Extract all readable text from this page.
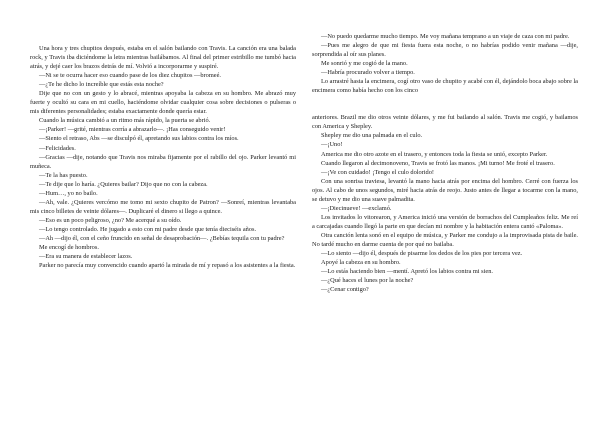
Una hora y tres chupitos después, estaba en el salón bailando con Travis. La canción era una balada rock, y Travis iba diciéndome la letra mientras bailábamos. Al final del primer estribillo me tumbó hacia atrás, y dejé caer los brazos detrás de mí. Volvió a incorporarme y suspiré.

—Ni se te ocurra hacer eso cuando pase de los diez chupitos —bromeé.

—¿Te he dicho lo increíble que estás esta noche?

Dije que no con un gesto y lo abracé, mientras apoyaba la cabeza en su hombro. Me abrazó muy fuerte y ocultó su cara en mi cuello, haciéndome olvidar cualquier cosa sobre decisiones o pulseras o mis diferentes personalidades; estaba exactamente donde quería estar.

Cuando la música cambió a un ritmo más rápido, la puerta se abrió.

—¡Parker! —grité, mientras corría a abrazarlo—. ¡Has conseguido venir!

—Siento el retraso, Abs —se disculpó él, apretando sus labios contra los míos.

—Felicidades.

—Gracias —dije, notando que Travis nos miraba fijamente por el rabillo del ojo. Parker levantó mi muñeca.

—Te la has puesto.

—Te dije que lo haría. ¿Quieres bailar? Dijo que no con la cabeza.

—Hum…, yo no bailo.

—Ah, vale. ¿Quieres vercómo me tomo mi sexto chupito de Patron? —Sonreí, mientras levantaba mis cinco billetes de veinte dólares—. Duplicaré el dinero si llego a quince.

—Eso es un poco peligroso, ¿no? Me acerqué a su oído.

—Lo tengo controlado. He jugado a esto con mi padre desde que tenía dieciséis años.

—Ah —dijo él, con el ceño fruncido en señal de desaprobación—. ¿Bebías tequila con tu padre?

Me encogí de hombros.

—Era su manera de establecer lazos.

Parker no parecía muy convencido cuando apartó la mirada de mí y repasó a los asistentes a la fiesta.

—No puedo quedarme mucho tiempo. Me voy mañana temprano a un viaje de caza con mi padre.

—Pues me alegro de que mi fiesta fuera esta noche, o no habrías podido venir mañana —dije, sorprendida al oír sus planes.

Me sonrió y me cogió de la mano.

—Habría procurado volver a tiempo.

Lo arrastré hasta la encimera, cogí otro vaso de chupito y acabé con él, dejándolo boca abajo sobre la encimera como había hecho con los cinco

anteriores. Brazil me dio otros veinte dólares, y me fui bailando al salón. Travis me cogió, y bailamos con America y Shepley.

Shepley me dio una palmada en el culo.

—¡Uno!

America me dio otro azote en el trasero, y entonces toda la fiesta se unió, excepto Parker.

Cuando llegaron al decimonoveno, Travis se frotó las manos. ¡Mi turno! Me froté el trasero.

—¡Ve con cuidado! ¡Tengo el culo dolorido!

Con una sonrisa traviesa, levantó la mano hacia atrás por encima del hombro. Cerré con fuerza los ojos. Al cabo de unos segundos, miré hacia atrás de reojo. Justo antes de llegar a tocarme con la mano, se detuvo y me dio una suave palmadita.

—¡Diecinueve! —exclamó.

Los invitados lo vitorearon, y America inició una versión de borrachos del Cumpleaños feliz. Me reí a carcajadas cuando llegó la parte en que decían mi nombre y la habitación entera cantó «Paloma».

Otra canción lenta sonó en el equipo de música, y Parker me condujo a la improvisada pista de baile. No tardé mucho en darme cuenta de por qué no bailaba.

—Lo siento —dijo él, después de pisarme los dedos de los pies por tercera vez.

Apoyé la cabeza en su hombro.

—Lo estás haciendo bien —mentí. Apretó los labios contra mi sien.

—¿Qué haces el lunes por la noche?

—¿Cenar contigo?
